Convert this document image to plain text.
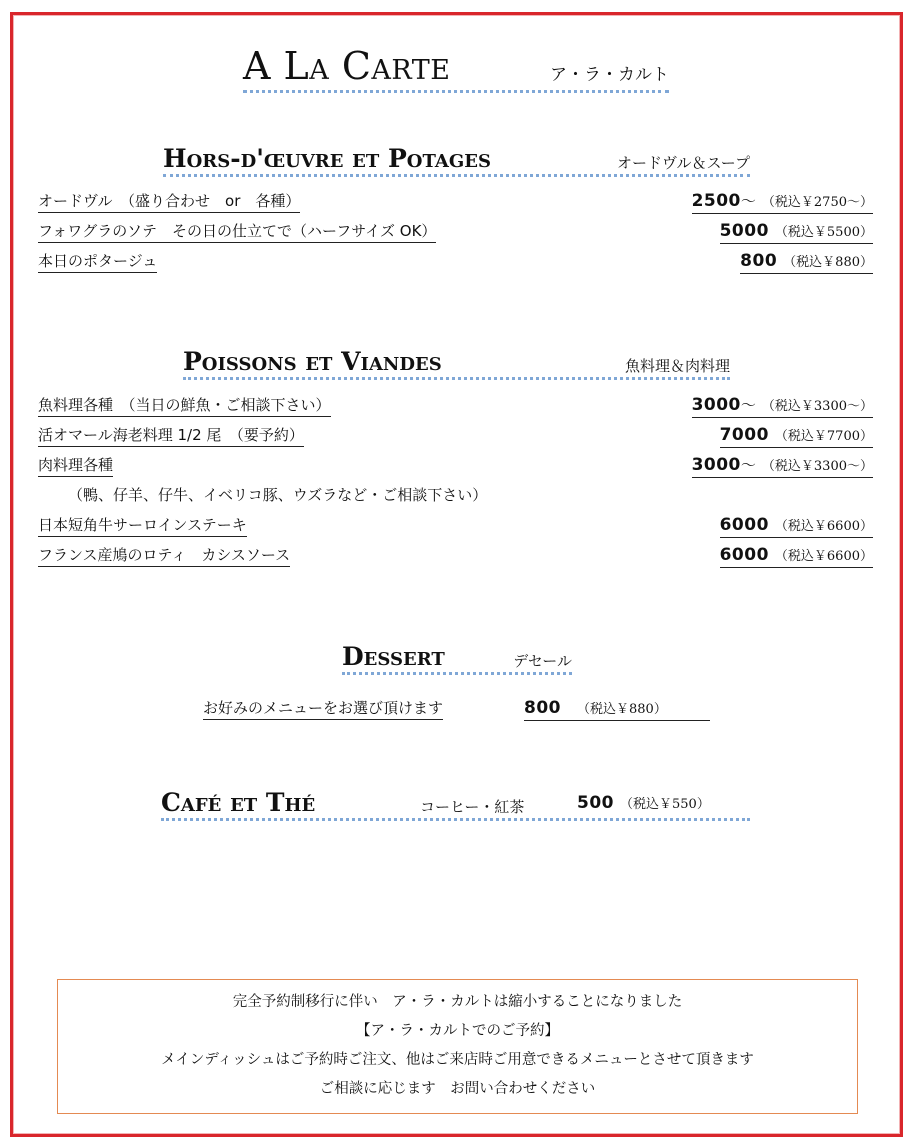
A La Carte	ア・ラ・カルト
Hors-d'œuvre et Potages	オードヴル＆スープ
オードヴル　（盛り合わせ　or　各種）	2500～ （税込￥2750～）
フォワグラのソテ　その日の仕立てで（ハーフサイズ OK）	5000 （税込￥5500）
本日のポタージュ	800 （税込￥880）
Poissons et Viandes	魚料理＆肉料理
魚料理各種　（当日の鮮魚・ご相談下さい）	3000～ （税込￥3300～）
活オマール海老料理 1/2 尾　（要予約）	7000 （税込￥7700）
肉料理各種	3000～ （税込￥3300～）
（鴨、仔羊、仔牛、イベリコ豚、ウズラなど・ご相談下さい）
日本短角牛サーロインステーキ	6000 （税込￥6600）
フランス産鳩のロティ　カシスソース	6000 （税込￥6600）
Dessert	デセール
お好みのメニューをお選び頂けます	800 （税込￥880）
Café et Thé	コーヒー・紅茶	500 （税込￥550）
完全予約制移行に伴い　ア・ラ・カルトは縮小することになりました
【ア・ラ・カルトでのご予約】
メインディッシュはご予約時ご注文、他はご来店時ご用意できるメニューとさせて頂きます
ご相談に応じます　お問い合わせください
